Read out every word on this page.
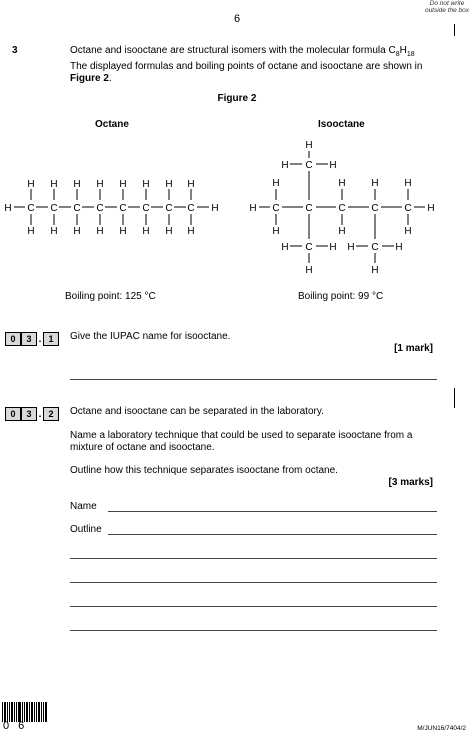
Do not write outside the box
6
3	Octane and isooctane are structural isomers with the molecular formula $C_8H_{18}$
The displayed formulas and boiling points of octane and isooctane are shown in
Figure 2.
Figure 2
Octane	Isooctane
H C C C C C C C C H
H H H H H H H H
H H H H H H H H
H
H C H
H	H	H	H
H C	C	C	C	C H
H	H	H
H C H H C H
H	H
Boiling point: 125 °C	Boiling point: 99 °C
0 3 . 1	Give the IUPAC name for isooctane.
[1 mark]
0 3 . 2	Octane and isooctane can be separated in the laboratory.
Name a laboratory technique that could be used to separate isooctane from a mixture of octane and isooctane.
Outline how this technique separates isooctane from octane.
[3 marks]
Name
Outline
0 6	M/JUN16/7404/2
